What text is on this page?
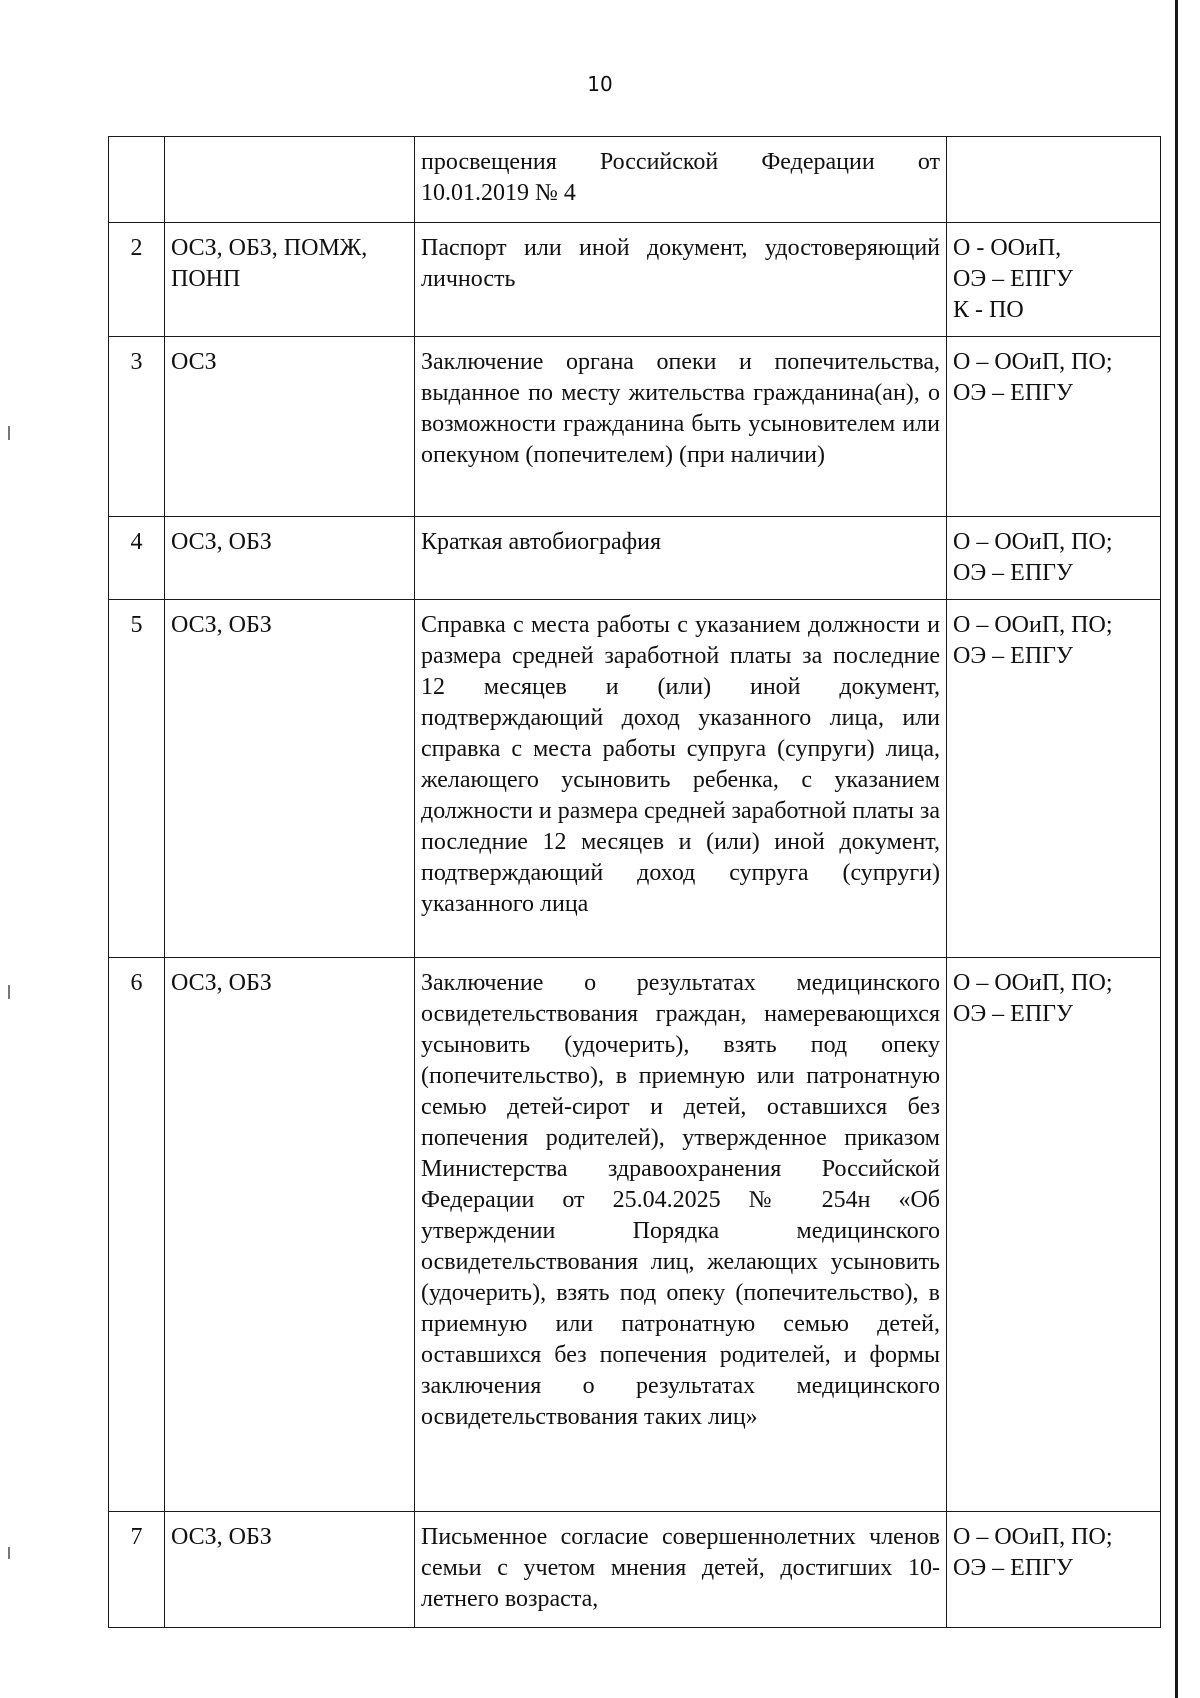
10
		просвещения Российской Федерации от 10.01.2019 № 4	
2	ОСЗ, ОБЗ, ПОМЖ, ПОНП	Паспорт или иной документ, удостоверяющий личность	О - ООиП,
ОЭ – ЕПГУ
К - ПО
3	ОСЗ	Заключение органа опеки и попечительства, выданное по месту жительства гражданина(ан), о возможности гражданина быть усыновителем или опекуном (попечителем) (при наличии)	О – ООиП, ПО;
ОЭ – ЕПГУ
4	ОСЗ, ОБЗ	Краткая автобиография	О – ООиП, ПО;
ОЭ – ЕПГУ
5	ОСЗ, ОБЗ	Справка с места работы с указанием должности и размера средней заработной платы за последние 12 месяцев и (или) иной документ, подтверждающий доход указанного лица, или справка с места работы супруга (супруги) лица, желающего усыновить ребенка, с указанием должности и размера средней заработной платы за последние 12 месяцев и (или) иной документ, подтверждающий доход супруга (супруги) указанного лица	О – ООиП, ПО;
ОЭ – ЕПГУ
6	ОСЗ, ОБЗ	Заключение о результатах медицинского освидетельствования граждан, намеревающихся усыновить (удочерить), взять под опеку (попечительство), в приемную или патронатную семью детей-сирот и детей, оставшихся без попечения родителей), утвержденное приказом Министерства здравоохранения Российской Федерации от 25.04.2025 № 254н «Об утверждении Порядка медицинского освидетельствования лиц, желающих усыновить (удочерить), взять под опеку (попечительство), в приемную или патронатную семью детей, оставшихся без попечения родителей, и формы заключения о результатах медицинского освидетельствования таких лиц»	О – ООиП, ПО;
ОЭ – ЕПГУ
7	ОСЗ, ОБЗ	Письменное согласие совершеннолетних членов семьи с учетом мнения детей, достигших 10-летнего возраста,	О – ООиП, ПО;
ОЭ – ЕПГУ
